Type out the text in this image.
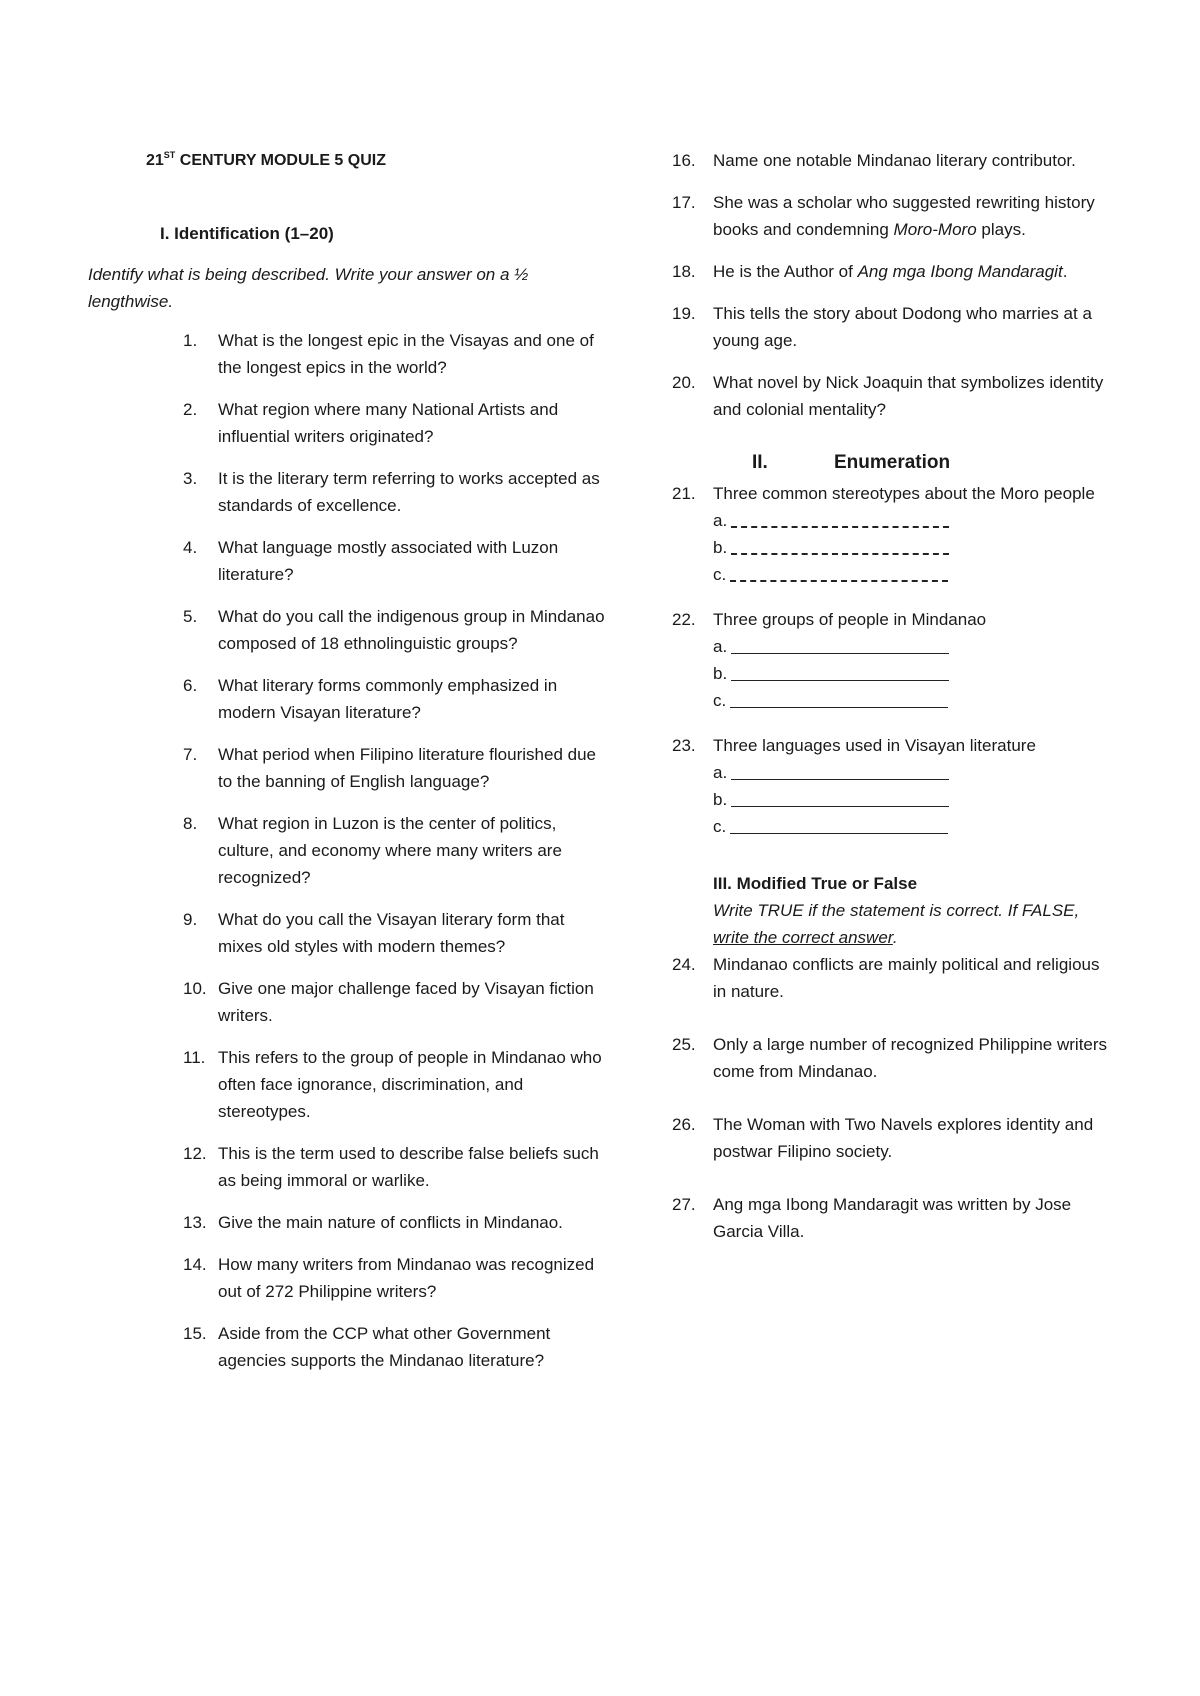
21ST CENTURY MODULE 5 QUIZ
I. Identification (1–20)
Identify what is being described. Write your answer on a ½ lengthwise.
1. What is the longest epic in the Visayas and one of the longest epics in the world?
2. What region where many National Artists and influential writers originated?
3. It is the literary term referring to works accepted as standards of excellence.
4. What language mostly associated with Luzon literature?
5. What do you call the indigenous group in Mindanao composed of 18 ethnolinguistic groups?
6. What literary forms commonly emphasized in modern Visayan literature?
7. What period when Filipino literature flourished due to the banning of English language?
8. What region in Luzon is the center of politics, culture, and economy where many writers are recognized?
9. What do you call the Visayan literary form that mixes old styles with modern themes?
10. Give one major challenge faced by Visayan fiction writers.
11. This refers to the group of people in Mindanao who often face ignorance, discrimination, and stereotypes.
12. This is the term used to describe false beliefs such as being immoral or warlike.
13. Give the main nature of conflicts in Mindanao.
14. How many writers from Mindanao was recognized out of 272 Philippine writers?
15. Aside from the CCP what other Government agencies supports the Mindanao literature?
16. Name one notable Mindanao literary contributor.
17. She was a scholar who suggested rewriting history books and condemning Moro-Moro plays.
18. He is the Author of Ang mga Ibong Mandaragit.
19. This tells the story about Dodong who marries at a young age.
20. What novel by Nick Joaquin that symbolizes identity and colonial mentality?
II.	Enumeration
21. Three common stereotypes about the Moro people
a.
b.
c.
22. Three groups of people in Mindanao
a.
b.
c.
23. Three languages used in Visayan literature
a.
b.
c.
III. Modified True or False
Write TRUE if the statement is correct. If FALSE, write the correct answer.
24. Mindanao conflicts are mainly political and religious in nature.
25. Only a large number of recognized Philippine writers come from Mindanao.
26. The Woman with Two Navels explores identity and postwar Filipino society.
27. Ang mga Ibong Mandaragit was written by Jose Garcia Villa.
